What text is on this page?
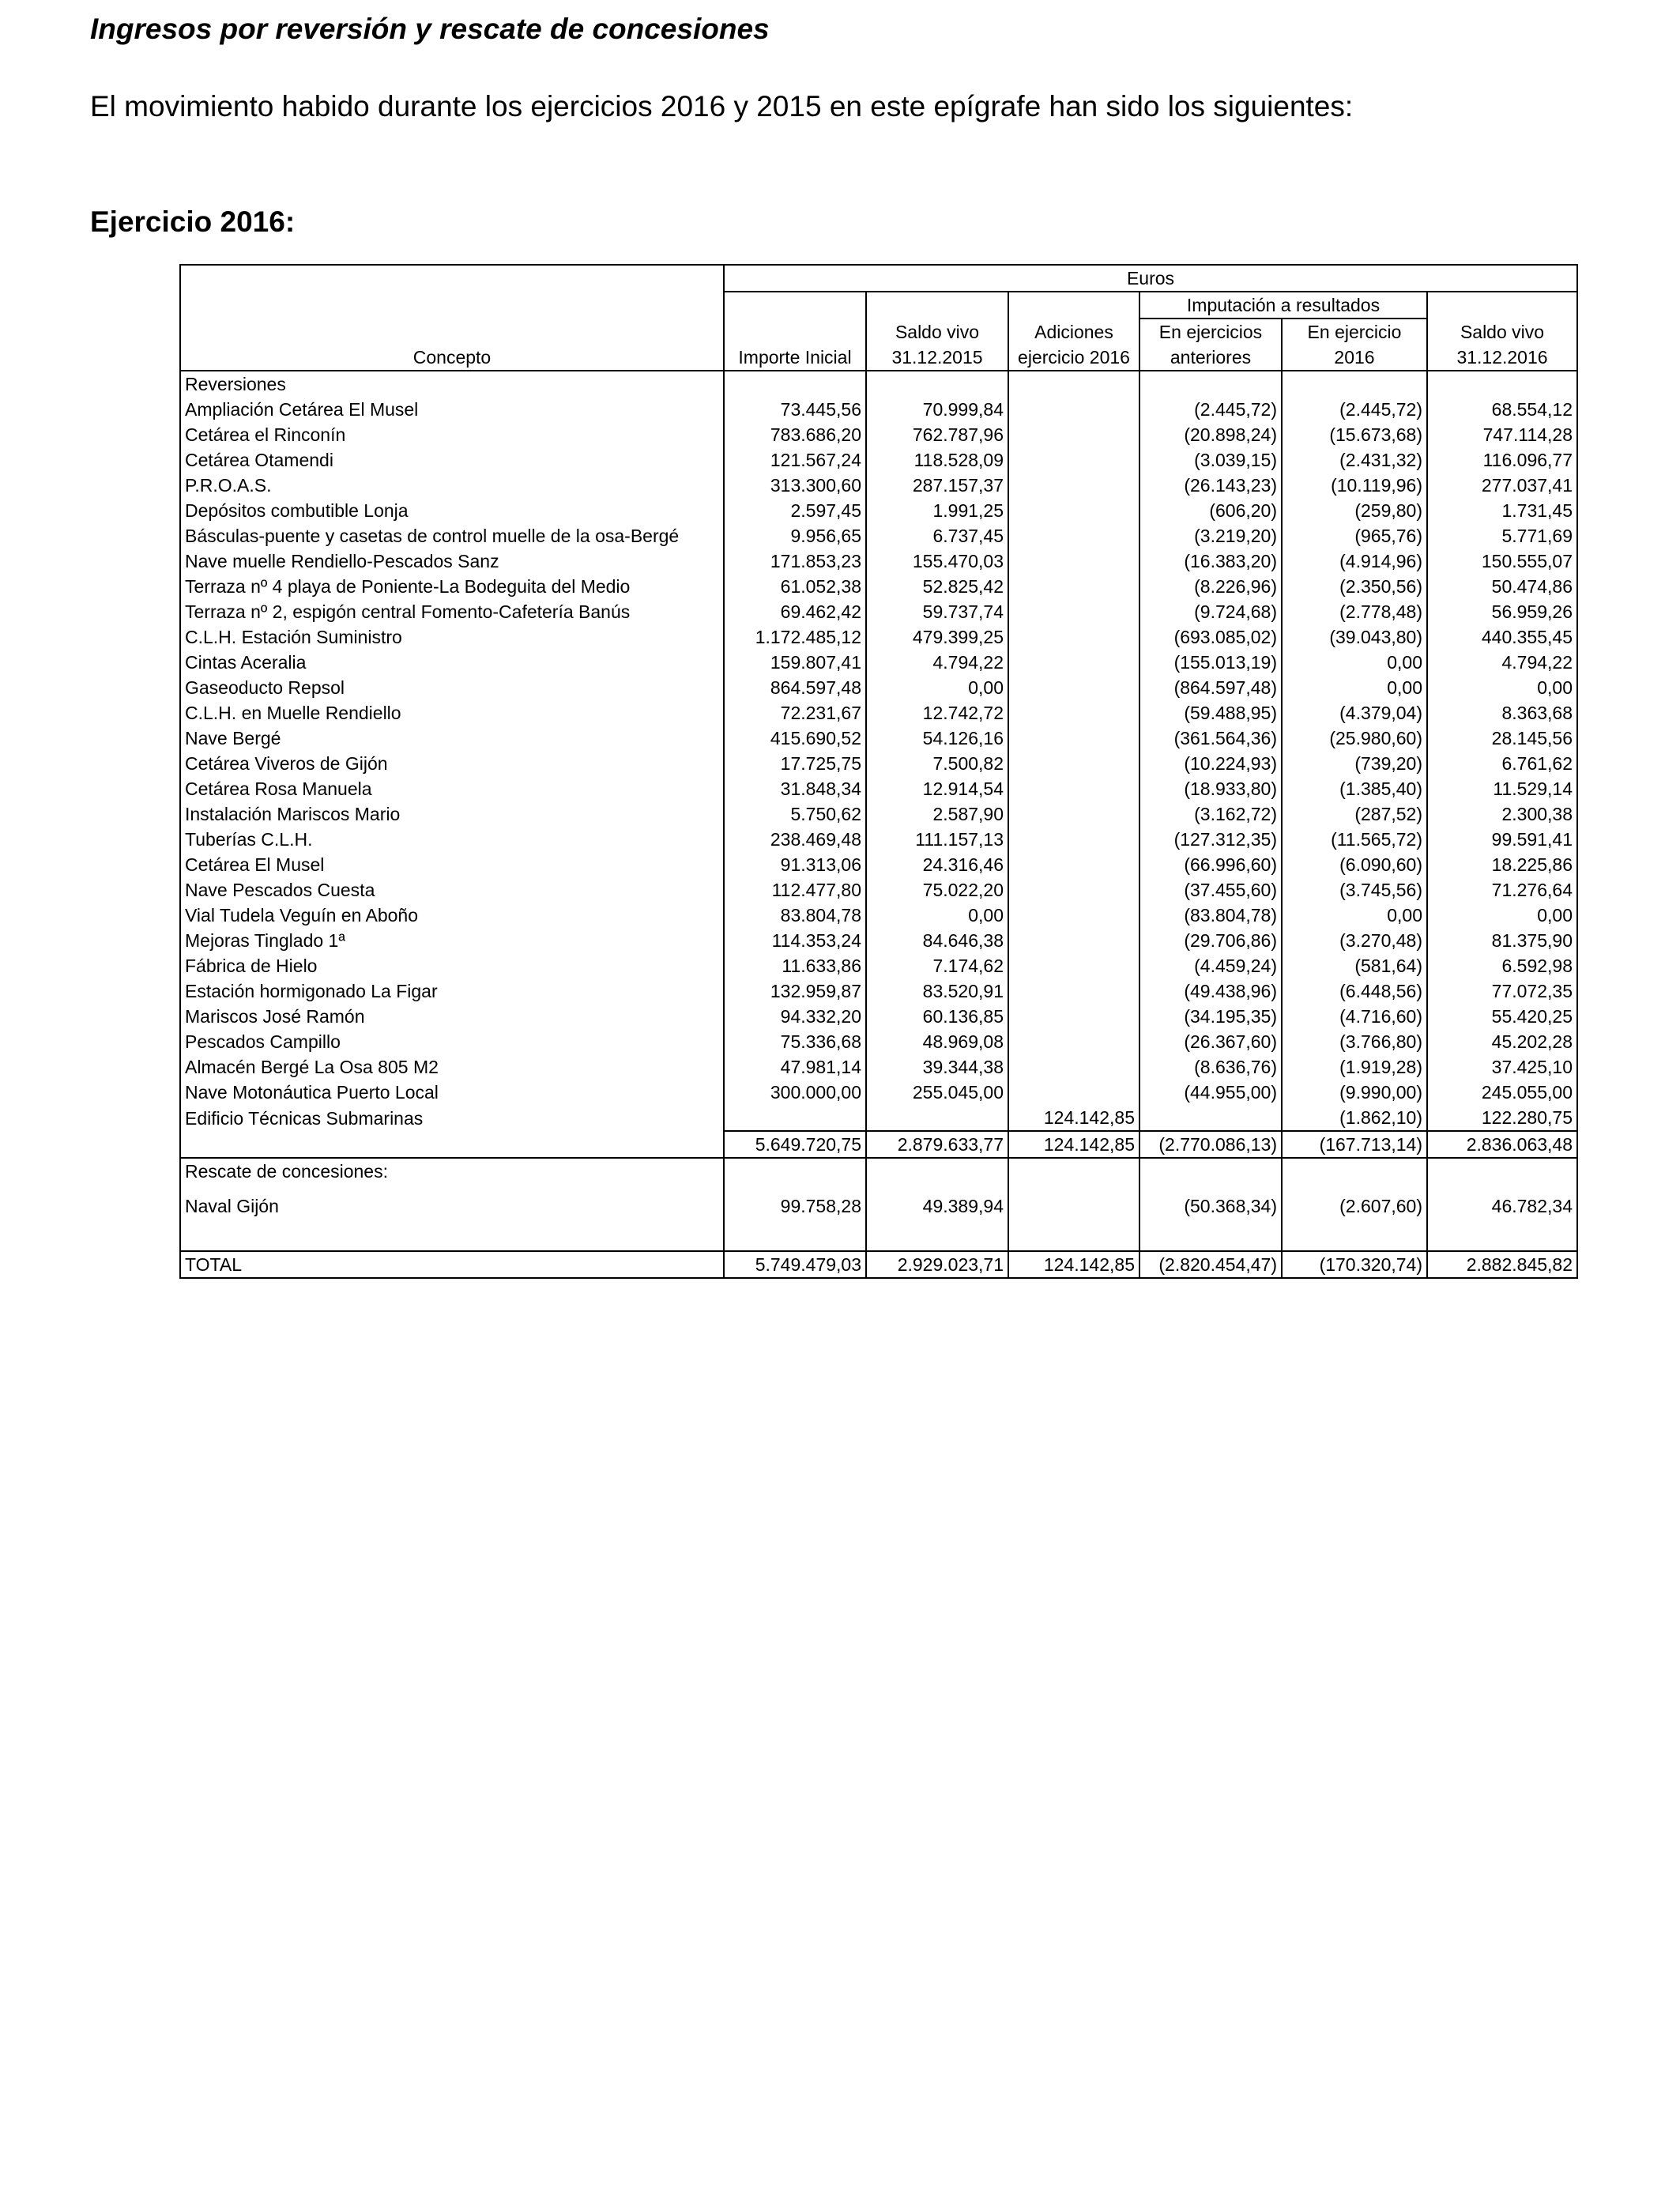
Ingresos por reversión y rescate de concesiones

El movimiento habido durante los ejercicios 2016 y 2015 en este epígrafe han sido los siguientes:

Ejercicio 2016:
	Euros					
				Imputación a resultados		
		Saldo vivo	Adiciones	En ejercicios	En ejercicio	Saldo vivo
Concepto	Importe Inicial	31.12.2015	ejercicio 2016	anteriores	2016	31.12.2016
Reversiones						
Ampliación Cetárea El Musel	73.445,56	70.999,84		(2.445,72)	(2.445,72)	68.554,12
Cetárea el Rinconín	783.686,20	762.787,96		(20.898,24)	(15.673,68)	747.114,28
Cetárea Otamendi	121.567,24	118.528,09		(3.039,15)	(2.431,32)	116.096,77
P.R.O.A.S.	313.300,60	287.157,37		(26.143,23)	(10.119,96)	277.037,41
Depósitos combutible Lonja	2.597,45	1.991,25		(606,20)	(259,80)	1.731,45
Básculas-puente y casetas de control muelle de la osa-Bergé	9.956,65	6.737,45		(3.219,20)	(965,76)	5.771,69
Nave muelle Rendiello-Pescados Sanz	171.853,23	155.470,03		(16.383,20)	(4.914,96)	150.555,07
Terraza nº 4 playa de Poniente-La Bodeguita del Medio	61.052,38	52.825,42		(8.226,96)	(2.350,56)	50.474,86
Terraza nº 2, espigón central Fomento-Cafetería Banús	69.462,42	59.737,74		(9.724,68)	(2.778,48)	56.959,26
C.L.H. Estación Suministro	1.172.485,12	479.399,25		(693.085,02)	(39.043,80)	440.355,45
Cintas Aceralia	159.807,41	4.794,22		(155.013,19)	0,00	4.794,22
Gaseoducto Repsol	864.597,48	0,00		(864.597,48)	0,00	0,00
C.L.H. en Muelle Rendiello	72.231,67	12.742,72		(59.488,95)	(4.379,04)	8.363,68
Nave Bergé	415.690,52	54.126,16		(361.564,36)	(25.980,60)	28.145,56
Cetárea Viveros de Gijón	17.725,75	7.500,82		(10.224,93)	(739,20)	6.761,62
Cetárea Rosa Manuela	31.848,34	12.914,54		(18.933,80)	(1.385,40)	11.529,14
Instalación Mariscos Mario	5.750,62	2.587,90		(3.162,72)	(287,52)	2.300,38
Tuberías C.L.H.	238.469,48	111.157,13		(127.312,35)	(11.565,72)	99.591,41
Cetárea El Musel	91.313,06	24.316,46		(66.996,60)	(6.090,60)	18.225,86
Nave Pescados Cuesta	112.477,80	75.022,20		(37.455,60)	(3.745,56)	71.276,64
Vial Tudela Veguín en Aboño	83.804,78	0,00		(83.804,78)	0,00	0,00
Mejoras Tinglado 1ª	114.353,24	84.646,38		(29.706,86)	(3.270,48)	81.375,90
Fábrica de Hielo	11.633,86	7.174,62		(4.459,24)	(581,64)	6.592,98
Estación hormigonado La Figar	132.959,87	83.520,91		(49.438,96)	(6.448,56)	77.072,35
Mariscos José Ramón	94.332,20	60.136,85		(34.195,35)	(4.716,60)	55.420,25
Pescados Campillo	75.336,68	48.969,08		(26.367,60)	(3.766,80)	45.202,28
Almacén Bergé La Osa 805 M2	47.981,14	39.344,38		(8.636,76)	(1.919,28)	37.425,10
Nave Motonáutica Puerto Local	300.000,00	255.045,00		(44.955,00)	(9.990,00)	245.055,00
Edificio Técnicas Submarinas			124.142,85		(1.862,10)	122.280,75
	5.649.720,75	2.879.633,77	124.142,85	(2.770.086,13)	(167.713,14)	2.836.063,48
Rescate de concesiones:						
Naval Gijón	99.758,28	49.389,94		(50.368,34)	(2.607,60)	46.782,34

TOTAL	5.749.479,03	2.929.023,71	124.142,85	(2.820.454,47)	(170.320,74)	2.882.845,82
